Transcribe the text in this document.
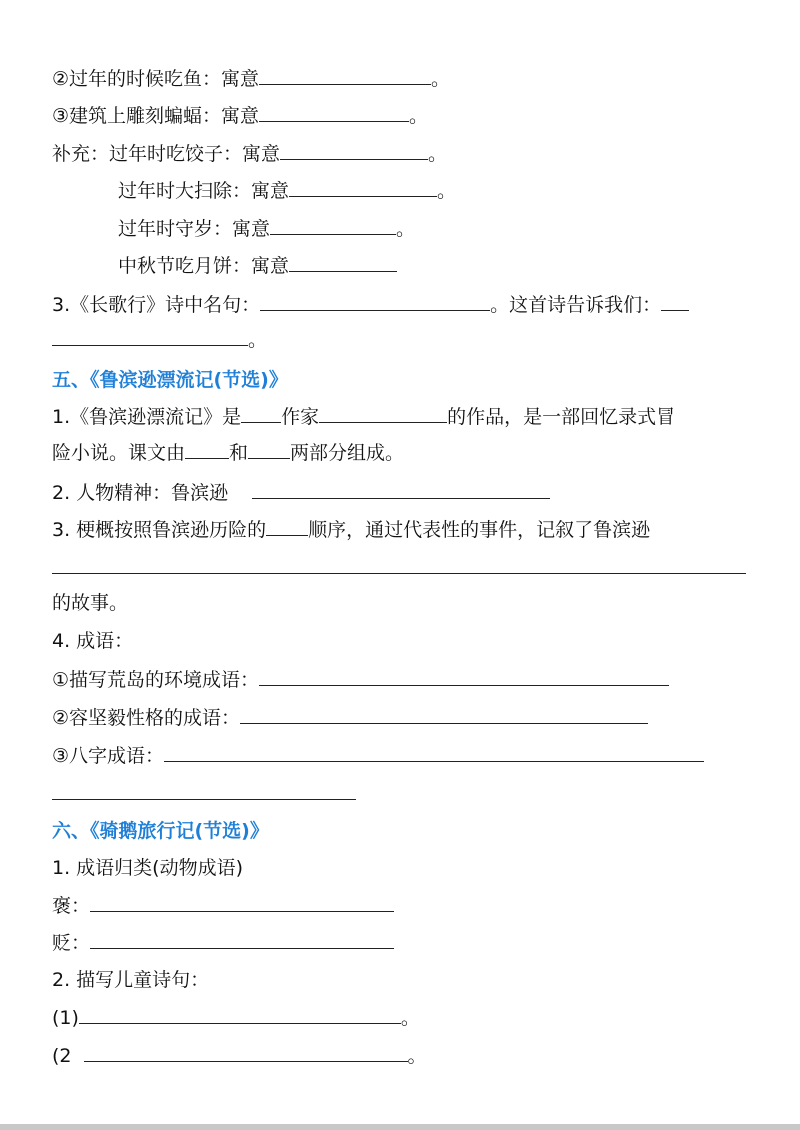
②过年的时候吃鱼：寓意	。
③建筑上雕刻蝙蝠：寓意	。
补充：过年时吃饺子：寓意	。
过年时大扫除：寓意	。
过年时守岁：寓意	。
中秋节吃月饼：寓意
3.《长歌行》诗中名句：	。这首诗告诉我们：
。
五、《鲁滨逊漂流记(节选)》
1.《鲁滨逊漂流记》是 作家	的作品，是一部回忆录式冒
险小说。课文由 和 两部分组成。
2. 人物精神：鲁滨逊
3. 梗概按照鲁滨逊历险的 顺序，通过代表性的事件，记叙了鲁滨逊
的故事。
4. 成语：
①描写荒岛的环境成语：
②容坚毅性格的成语：
③八字成语：
六、《骑鹅旅行记(节选)》
1. 成语归类(动物成语)
褒：
贬：
2. 描写儿童诗句：
(1)	。
(2	。
